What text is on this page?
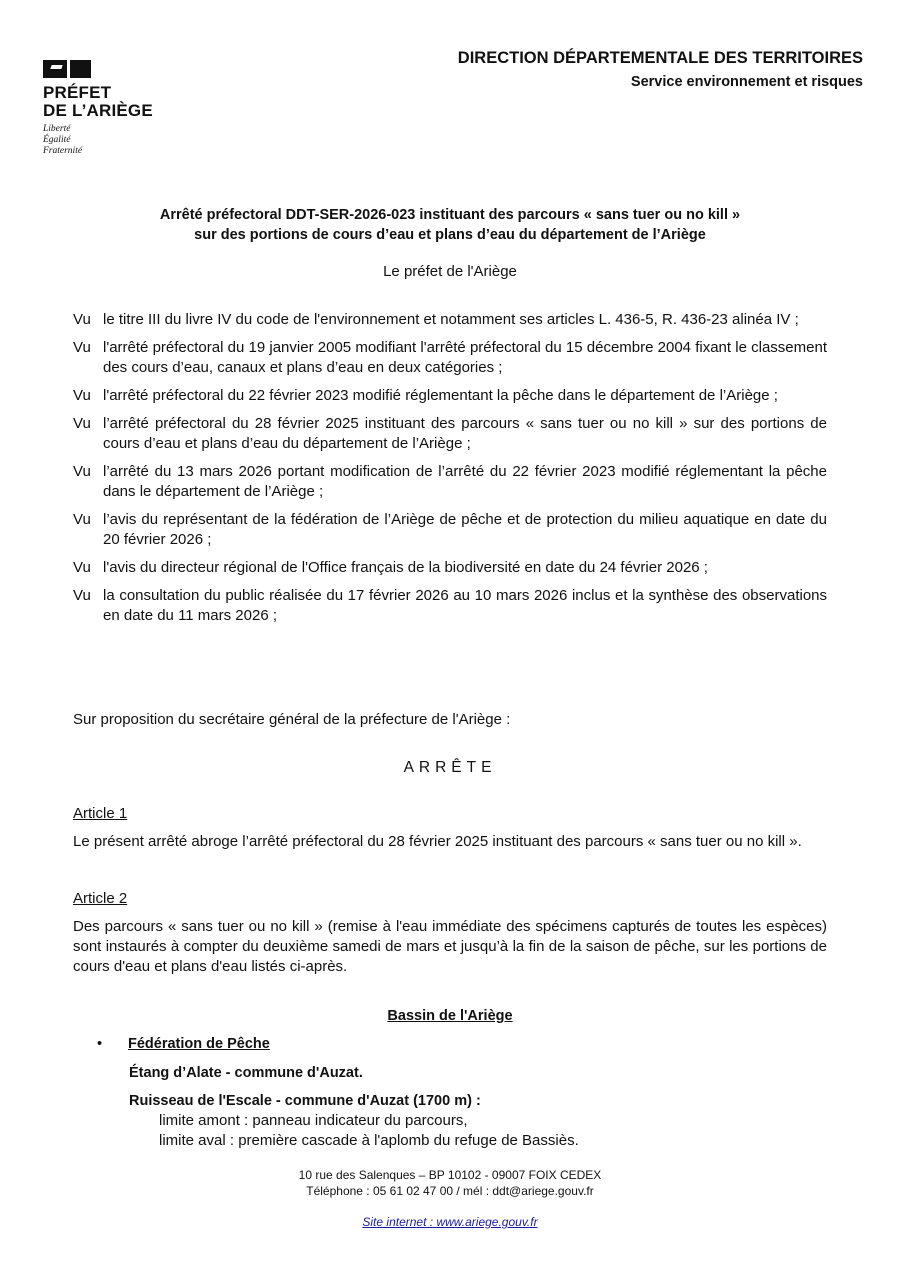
PRÉFET
DE L’ARIÈGE
Liberté
Égalité
Fraternité
DIRECTION DÉPARTEMENTALE DES TERRITOIRES
Service environnement et risques
Arrêté préfectoral DDT-SER-2026-023 instituant des parcours « sans tuer ou no kill »
sur des portions de cours d’eau et plans d’eau du département de l’Ariège
Le préfet de l'Ariège
Vu le titre III du livre IV du code de l'environnement et notamment ses articles L. 436-5, R. 436-23 alinéa IV ;
Vu l'arrêté préfectoral du 19 janvier 2005 modifiant l'arrêté préfectoral du 15 décembre 2004 fixant le classement des cours d’eau, canaux et plans d’eau en deux catégories ;
Vu l'arrêté préfectoral du 22 février 2023 modifié réglementant la pêche dans le département de l’Ariège ;
Vu l’arrêté préfectoral du 28 février 2025 instituant des parcours « sans tuer ou no kill » sur des portions de cours d’eau et plans d’eau du département de l’Ariège ;
Vu l’arrêté du 13 mars 2026 portant modification de l’arrêté du 22 février 2023 modifié réglementant la pêche dans le département de l’Ariège ;
Vu l’avis du représentant de la fédération de l’Ariège de pêche et de protection du milieu aquatique en date du 20 février 2026 ;
Vu l'avis du directeur régional de l'Office français de la biodiversité en date du 24 février 2026 ;
Vu la consultation du public réalisée du 17 février 2026 au 10 mars 2026 inclus et la synthèse des observations en date du 11 mars 2026 ;
Sur proposition du secrétaire général de la préfecture de l'Ariège :
ARRÊTE
Article 1
Le présent arrêté abroge l’arrêté préfectoral du 28 février 2025 instituant des parcours « sans tuer ou no kill ».
Article 2
Des parcours « sans tuer ou no kill » (remise à l'eau immédiate des spécimens capturés de toutes les espèces) sont instaurés à compter du deuxième samedi de mars et jusqu’à la fin de la saison de pêche, sur les portions de cours d'eau et plans d'eau listés ci-après.
Bassin de l'Ariège
• Fédération de Pêche
Étang d’Alate - commune d'Auzat.
Ruisseau de l'Escale - commune d'Auzat (1700 m) :
limite amont : panneau indicateur du parcours,
limite aval : première cascade à l'aplomb du refuge de Bassiès.
10 rue des Salenques – BP 10102 - 09007 FOIX CEDEX
Téléphone : 05 61 02 47 00 / mél : ddt@ariege.gouv.fr
Site internet : www.ariege.gouv.fr
